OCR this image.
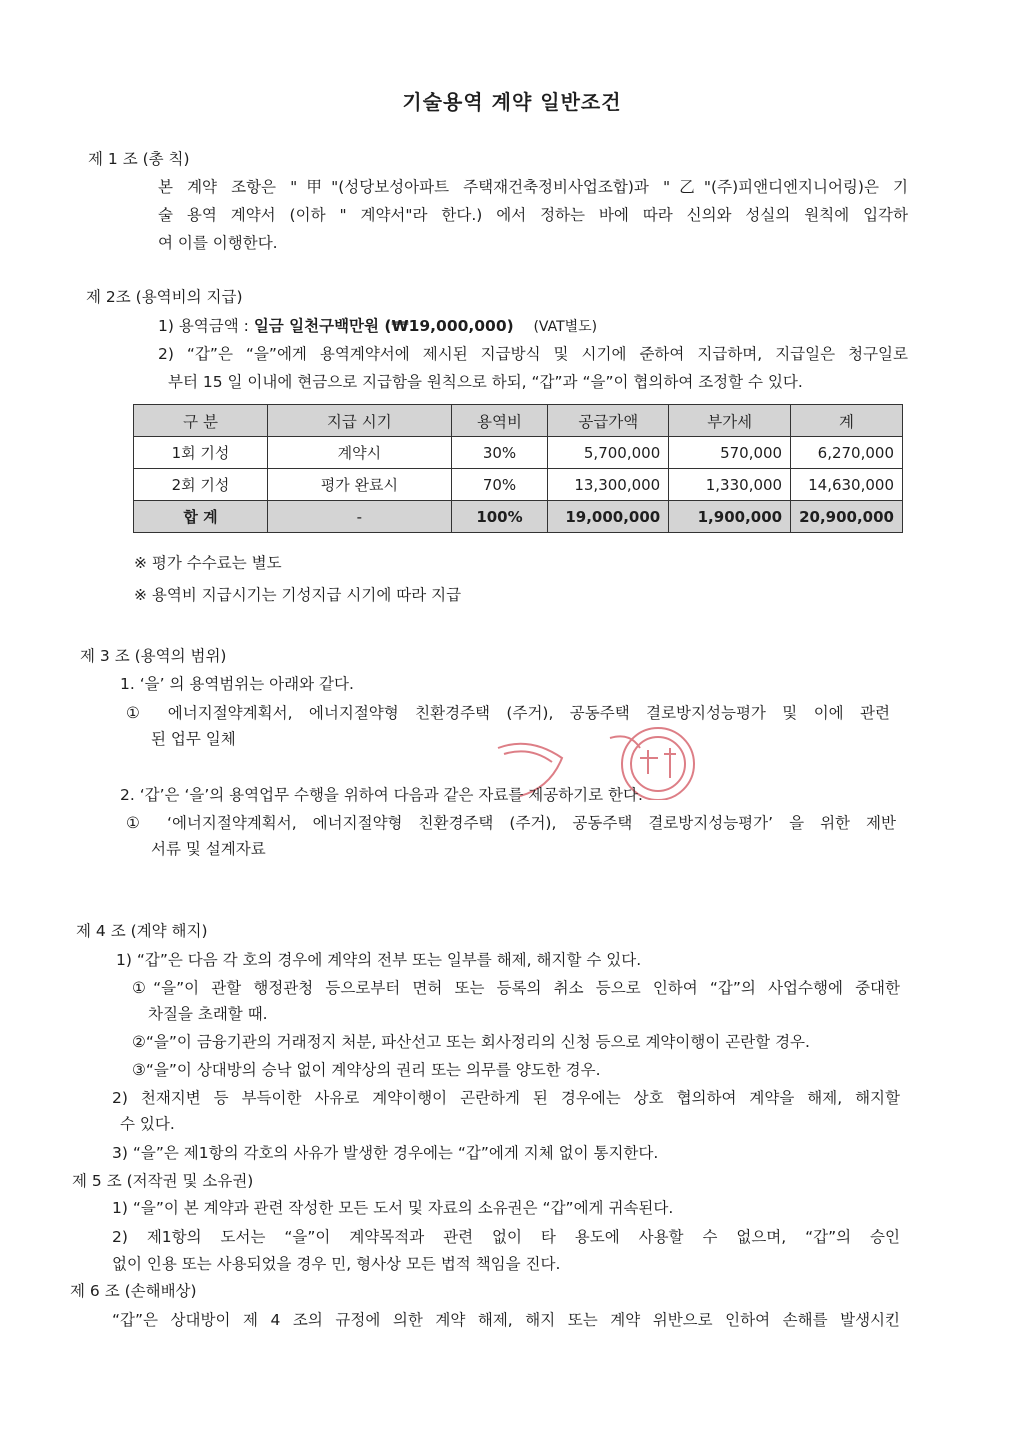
기술용역 계약 일반조건
제 1 조 (총 칙)
본 계약 조항은 "甲"(성당보성아파트 주택재건축정비사업조합)과 "乙"(주)피앤디엔지니어링)은 기
술 용역 계약서 (이하 " 계약서"라 한다.) 에서 정하는 바에 따라 신의와 성실의 원칙에 입각하
여 이를 이행한다.
제 2조 (용역비의 지급)
1) 용역금액 : 일금 일천구백만원 (₩19,000,000) (VAT별도)
2) “갑”은 “을”에게 용역계약서에 제시된 지급방식 및 시기에 준하여 지급하며, 지급일은 청구일로
부터 15 일 이내에 현금으로 지급함을 원칙으로 하되, “갑”과 “을”이 협의하여 조정할 수 있다.
구 분	지급 시기	용역비	공급가액	부가세	계
1회 기성	계약시	30%	5,700,000	570,000	6,270,000
2회 기성	평가 완료시	70%	13,300,000	1,330,000	14,630,000
합 계	-	100%	19,000,000	1,900,000	20,900,000
※ 평가 수수료는 별도
※ 용역비 지급시기는 기성지급 시기에 따라 지급
제 3 조 (용역의 범위)
1. ‘을’ 의 용역범위는 아래와 같다.
① 에너지절약계획서, 에너지절약형 친환경주택 (주거), 공동주택 결로방지성능평가 및 이에 관련
된 업무 일체
2. ‘갑’은 ‘을’의 용역업무 수행을 위하여 다음과 같은 자료를 제공하기로 한다.
① ‘에너지절약계획서, 에너지절약형 친환경주택 (주거), 공동주택 결로방지성능평가’ 을 위한 제반
서류 및 설계자료
제 4 조 (계약 해지)
1) “갑”은 다음 각 호의 경우에 계약의 전부 또는 일부를 해제, 해지할 수 있다.
①“을”이 관할 행정관청 등으로부터 면허 또는 등록의 취소 등으로 인하여 “갑”의 사업수행에 중대한
차질을 초래할 때.
②“을”이 금융기관의 거래정지 처분, 파산선고 또는 회사정리의 신청 등으로 계약이행이 곤란할 경우.
③“을”이 상대방의 승낙 없이 계약상의 권리 또는 의무를 양도한 경우.
2) 천재지변 등 부득이한 사유로 계약이행이 곤란하게 된 경우에는 상호 협의하여 계약을 해제, 해지할
수 있다.
3) “을”은 제1항의 각호의 사유가 발생한 경우에는 “갑”에게 지체 없이 통지한다.
제 5 조 (저작권 및 소유권)
1) “을”이 본 계약과 관련 작성한 모든 도서 및 자료의 소유권은 “갑”에게 귀속된다.
2) 제1항의 도서는 “을”이 계약목적과 관련 없이 타 용도에 사용할 수 없으며, “갑”의 승인
없이 인용 또는 사용되었을 경우 민, 형사상 모든 법적 책임을 진다.
제 6 조 (손해배상)
“갑”은 상대방이 제 4 조의 규정에 의한 계약 해제, 해지 또는 계약 위반으로 인하여 손해를 발생시킨
